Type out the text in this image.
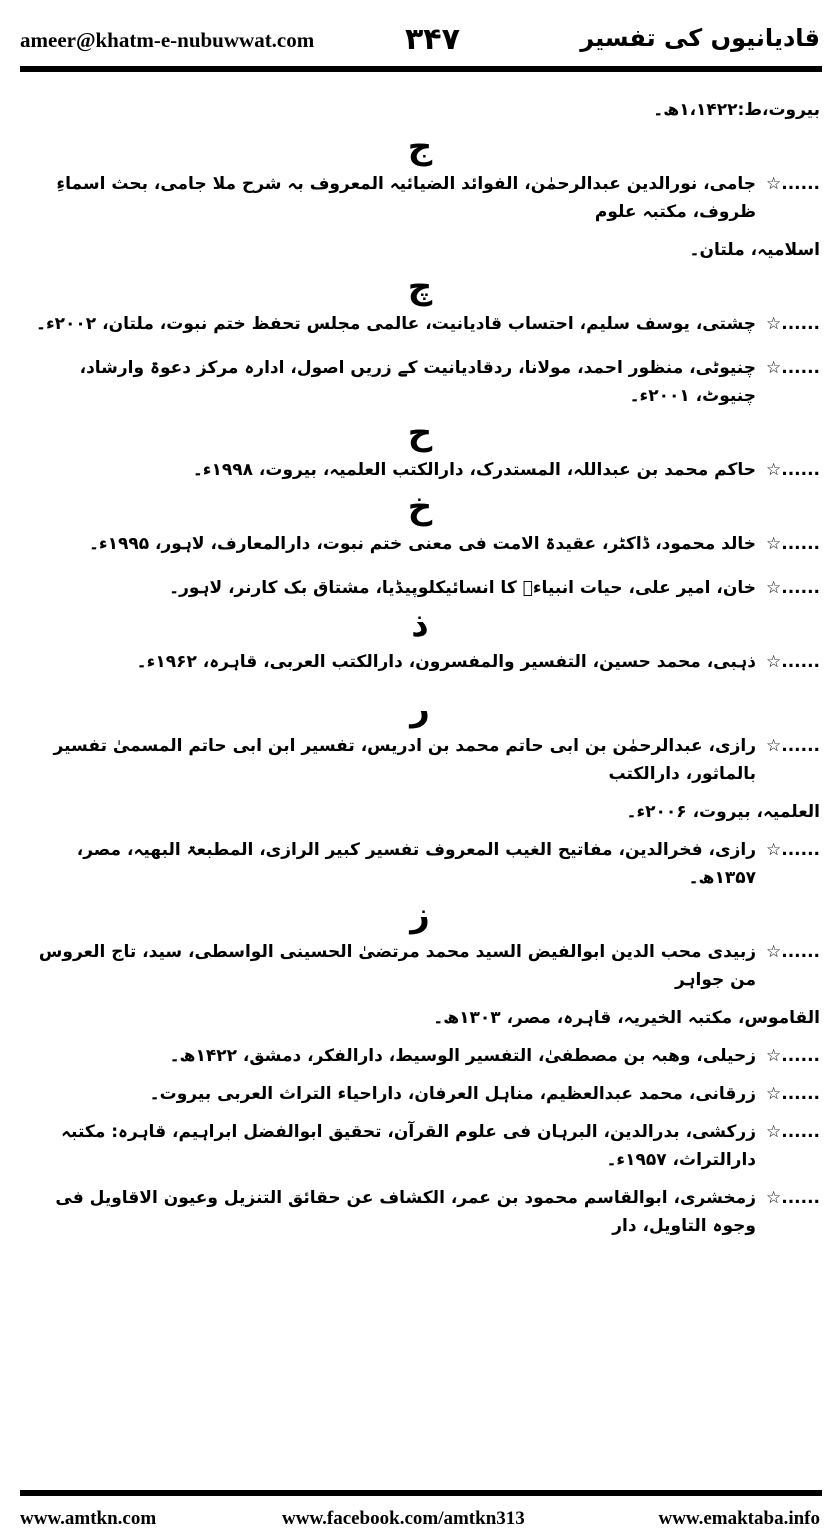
ameer@khatm-e-nubuwwat.com	۳۴۷	قادیانیوں کی تفسیر
بیروت،ط:۱،۱۴۲۲ھ۔
ج
☆......
جامی، نورالدین عبدالرحمٰن، الفوائد الضیائیہ المعروف بہ شرح ملا جامی، بحث اسماءِ ظروف، مکتبہ علوم
اسلامیہ، ملتان۔
چ
☆......
چشتی، یوسف سلیم، احتساب قادیانیت، عالمی مجلس تحفظ ختم نبوت، ملتان، ۲۰۰۲ء۔
☆......
چنیوٹی، منظور احمد، مولانا، ردقادیانیت کے زریں اصول، ادارہ مرکز دعوۃ وارشاد، چنیوٹ، ۲۰۰۱ء۔
ح
☆......
حاکم محمد بن عبداللہ، المستدرک، دارالکتب العلمیہ، بیروت، ۱۹۹۸ء۔
خ
☆......
خالد محمود، ڈاکٹر، عقیدۃ الامت فی معنی ختم نبوت، دارالمعارف، لاہور، ۱۹۹۵ء۔
☆......
خان، امیر علی، حیات انبیاءؑ کا انسائیکلوپیڈیا، مشتاق بک کارنر، لاہور۔
ذ
☆......
ذہبی، محمد حسین، التفسیر والمفسرون، دارالکتب العربی، قاہرہ، ۱۹۶۲ء۔
ر
☆......
رازی، عبدالرحمٰن بن ابی حاتم محمد بن ادریس، تفسیر ابن ابی حاتم المسمیٰ تفسیر بالماثور، دارالکتب
العلمیہ، بیروت، ۲۰۰۶ء۔
☆......
رازی، فخرالدین، مفاتیح الغیب المعروف تفسیر کبیر الرازی، المطبعۃ البھیہ، مصر، ۱۳۵۷ھ۔
ز
☆......
زبیدی محب الدین ابوالفیض السید محمد مرتضیٰ الحسینی الواسطی، سید، تاج العروس من جواہر
القاموس، مکتبہ الخیریہ، قاہرہ، مصر، ۱۳۰۳ھ۔
☆......
زحیلی، وھبہ بن مصطفیٰ، التفسیر الوسیط، دارالفکر، دمشق، ۱۴۲۲ھ۔
☆......
زرقانی، محمد عبدالعظیم، مناہل العرفان، داراحیاء التراث العربی بیروت۔
☆......
زرکشی، بدرالدین، البرہان فی علوم القرآن، تحقیق ابوالفضل ابراہیم، قاہرہ: مکتبہ دارالتراث، ۱۹۵۷ء۔
☆......
زمخشری، ابوالقاسم محمود بن عمر، الکشاف عن حقائق التنزیل وعیون الاقاویل فی وجوہ التاویل، دار
www.amtkn.com	www.facebook.com/amtkn313	www.emaktaba.info
